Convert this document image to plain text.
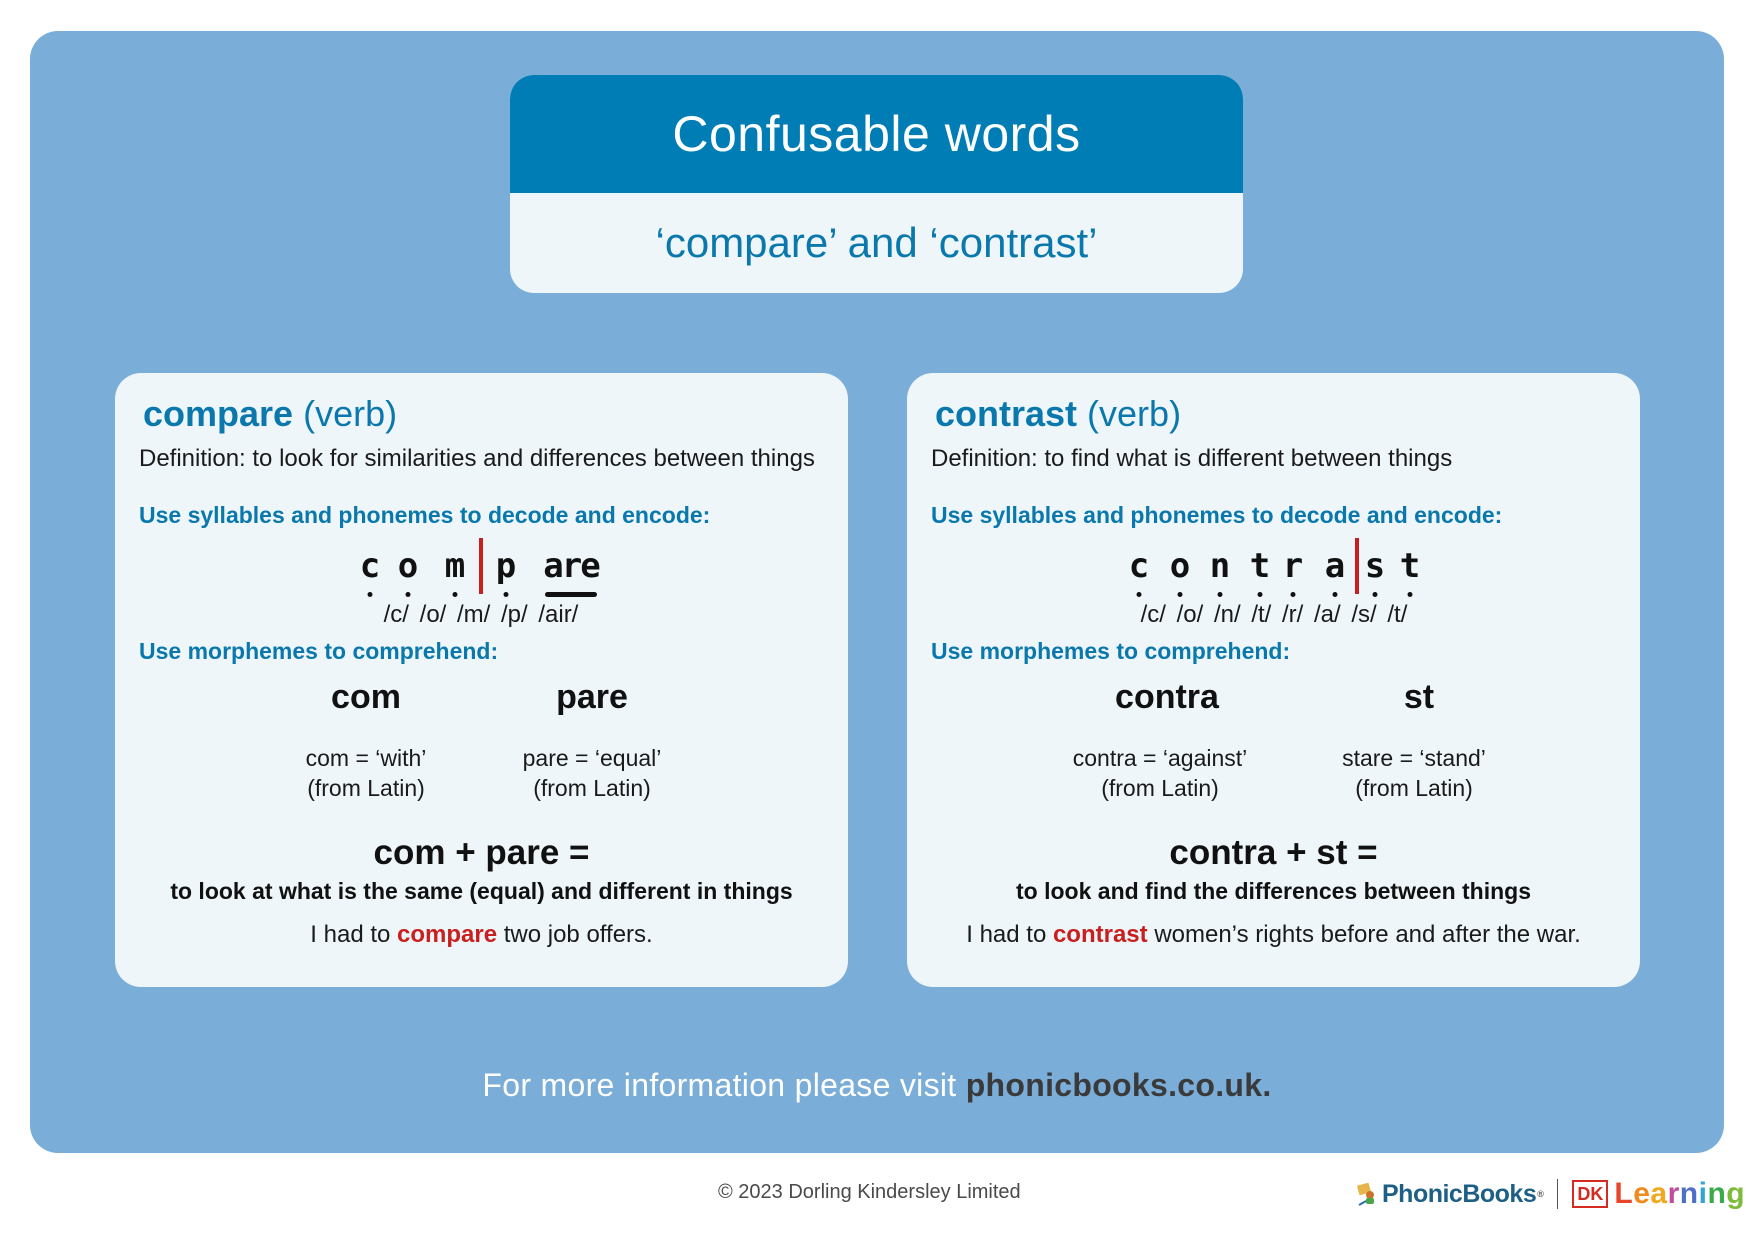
Confusable words
‘compare’ and ‘contrast’
compare (verb)
Definition: to look for similarities and differences between things
Use syllables and phonemes to decode and encode:
c o m p are
/c/ /o/ /m/ /p/ /air/
Use morphemes to comprehend:
com	pare
com = ‘with’
(from Latin)
pare = ‘equal’
(from Latin)
com + pare =
to look at what is the same (equal) and different in things
I had to compare two job offers.
contrast (verb)
Definition: to find what is different between things
Use syllables and phonemes to decode and encode:
c o n t r a s t
/c/ /o/ /n/ /t/ /r/ /a/ /s/ /t/
Use morphemes to comprehend:
contra	st
contra = ‘against’
(from Latin)
stare = ‘stand’
(from Latin)
contra + st =
to look and find the differences between things
I had to contrast women’s rights before and after the war.
For more information please visit phonicbooks.co.uk.
© 2023 Dorling Kindersley Limited	PhonicBooks ® DK Learning
